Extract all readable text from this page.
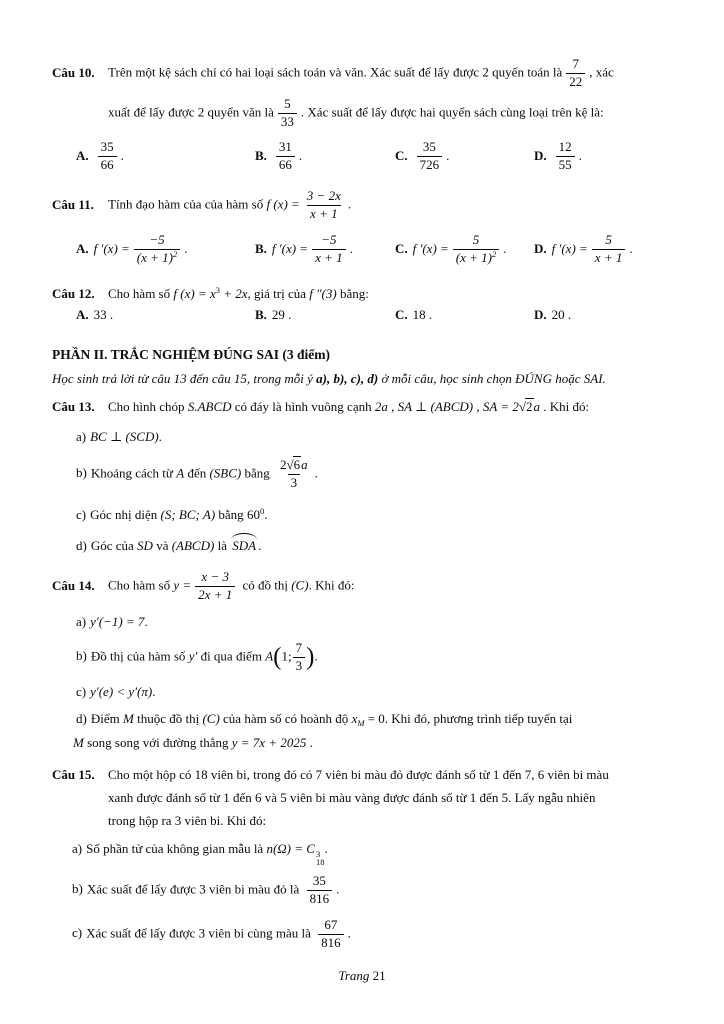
Câu 10.	Trên một kệ sách chỉ có hai loại sách toán và văn. Xác suất để lấy được 2 quyển toán là $\frac{7}{22}$ , xác
xuất để lấy được 2 quyển văn là $\frac{5}{33}$ . Xác suất để lấy được hai quyển sách cùng loại trên kệ là:
A. $\frac{35}{66}$ .	B. $\frac{31}{66}$ .	C. $\frac{35}{726}$ .	D. $\frac{12}{55}$ .
Câu 11.	Tính đạo hàm của của hàm số f $(x) = \frac{3 - 2x}{x + 1}$ .
A. f $'(x) = \frac{-5}{(x + 1)^2}$ .	B. f $'(x) = \frac{-5}{x + 1}$ .	C. f $'(x) = \frac{5}{(x + 1)^2}$ . D. f $'(x) = \frac{5}{x + 1}$ .
Câu 12.	Cho hàm số f $(x) = x^3 + 2x$, giá trị của f ″(3) bằng:
A. 33 .	B. 29 .	C. 18 .	D. 20 .
PHẦN II. TRẮC NGHIỆM ĐÚNG SAI (3 điểm)
Học sinh trả lời từ câu 13 đến câu 15, trong mỗi ý a), b), c), d) ở mỗi câu, học sinh chọn ĐÚNG hoặc SAI.
Câu 13.	Cho hình chóp S.ABCD có đáy là hình vuông cạnh 2a , SA ⊥ (ABCD) , SA = 2√2a . Khi đó:
a) BC ⊥ (SCD).
b) Khoảng cách từ A đến (SBC) bằng $\frac{2√6a}{3}$ .
c) Góc nhị diện (S; BC; A) bằng $60^0$.
d) Góc của SD và (ABCD) là SDA .
Câu 14.	Cho hàm số $y = \frac{x - 3}{2x + 1}$ có đồ thị (C). Khi đó:
a) y′(−1) = 7.
b) Đồ thị của hàm số y′ đi qua điểm A(1; $\frac{7}{3}$ ).
c) y′(e) < y′(π).
d) Điểm M thuộc đồ thị (C) của hàm số có hoành độ $x_M = 0$. Khi đó, phương trình tiếp tuyến tại
M song song với đường thẳng y = 7x + 2025 .
Câu 15.	Cho một hộp có 18 viên bi, trong đó có 7 viên bi màu đỏ được đánh số từ 1 đến 7, 6 viên bi màu
xanh được đánh số từ 1 đến 6 và 5 viên bi màu vàng được đánh số từ 1 đến 5. Lấy ngẫu nhiên
trong hộp ra 3 viên bi. Khi đó:
a) Số phần tử của không gian mẫu là n(Ω) = C 3
18
.
b) Xác suất để lấy được 3 viên bi màu đỏ là $\frac{35}{816}$ .
c) Xác suất để lấy được 3 viên bi cùng màu là $\frac{67}{816}$ .
Trang 21
